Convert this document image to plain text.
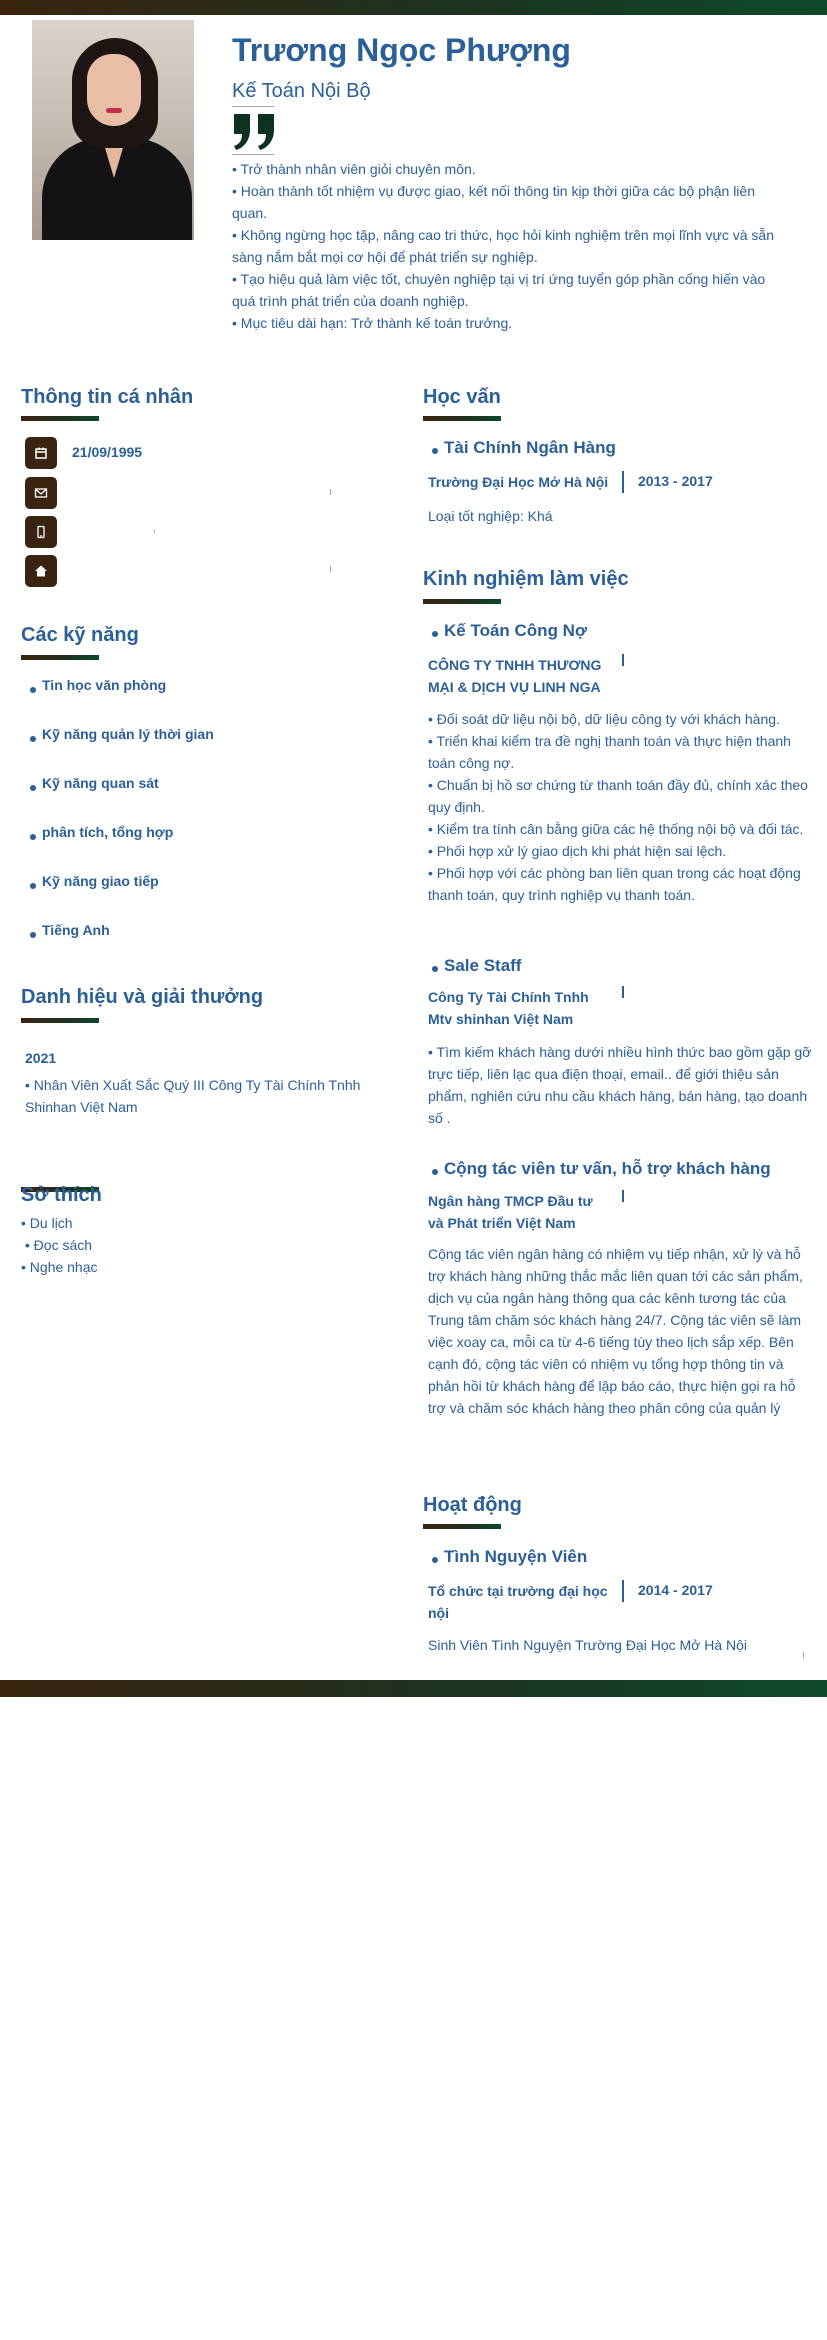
Trương Ngọc Phượng
Kế Toán Nội Bộ
• Trở thành nhân viên giỏi chuyên môn.
• Hoàn thành tốt nhiệm vụ được giao, kết nối thông tin kịp thời giữa các bộ phận liên quan.
• Không ngừng học tập, nâng cao tri thức, học hỏi kinh nghiệm trên mọi lĩnh vực và sẵn sàng nắm bắt mọi cơ hội để phát triển sự nghiệp.
• Tạo hiệu quả làm việc tốt, chuyên nghiệp tại vị trí ứng tuyển góp phần cống hiến vào quá trình phát triển của doanh nghiệp.
• Mục tiêu dài hạn: Trở thành kế toán trưởng.
Thông tin cá nhân
21/09/1995
Các kỹ năng
Tin học văn phòng
Kỹ năng quản lý thời gian
Kỹ năng quan sát
phân tích, tổng hợp
Kỹ năng giao tiếp
Tiếng Anh
Danh hiệu và giải thưởng
2021
• Nhân Viên Xuất Sắc Quý III Công Ty Tài Chính Tnhh Shinhan Việt Nam
Sở thích
• Du lịch
• Đọc sách
• Nghe nhạc
Học vấn
Tài Chính Ngân Hàng
Trường Đại Học Mở Hà Nội 2013 - 2017
Loại tốt nghiệp: Khá
Kinh nghiệm làm việc
Kế Toán Công Nợ
CÔNG TY TNHH THƯƠNG MẠI & DỊCH VỤ LINH NGA
• Đối soát dữ liệu nội bộ, dữ liệu công ty với khách hàng.
• Triển khai kiểm tra đề nghị thanh toán và thực hiện thanh toán công nợ.
• Chuẩn bị hồ sơ chứng từ thanh toán đầy đủ, chính xác theo quy định.
• Kiểm tra tính cân bằng giữa các hệ thống nội bộ và đối tác.
• Phối hợp xử lý giao dịch khi phát hiện sai lệch.
• Phối hợp với các phòng ban liên quan trong các hoạt động thanh toán, quy trình nghiệp vụ thanh toán.
Sale Staff
Công Ty Tài Chính Tnhh Mtv shinhan Việt Nam
• Tìm kiếm khách hàng dưới nhiều hình thức bao gồm gặp gỡ trực tiếp, liên lạc qua điện thoại, email.. để giới thiệu sản phẩm, nghiên cứu nhu cầu khách hàng, bán hàng, tạo doanh số .
Cộng tác viên tư vấn, hỗ trợ khách hàng
Ngân hàng TMCP Đầu tư và Phát triển Việt Nam
Cộng tác viên ngân hàng có nhiệm vụ tiếp nhận, xử lý và hỗ trợ khách hàng những thắc mắc liên quan tới các sản phẩm, dịch vụ của ngân hàng thông qua các kênh tương tác của Trung tâm chăm sóc khách hàng 24/7. Cộng tác viên sẽ làm việc xoay ca, mỗi ca từ 4-6 tiếng tùy theo lịch sắp xếp. Bên cạnh đó, cộng tác viên có nhiệm vụ tổng hợp thông tin và phản hồi từ khách hàng để lập báo cáo, thực hiện gọi ra hỗ trợ và chăm sóc khách hàng theo phân công của quản lý
Hoạt động
Tình Nguyện Viên
Tổ chức tại trường đại học nội
2014 - 2017
Sinh Viên Tình Nguyện Trường Đại Học Mở Hà Nội
